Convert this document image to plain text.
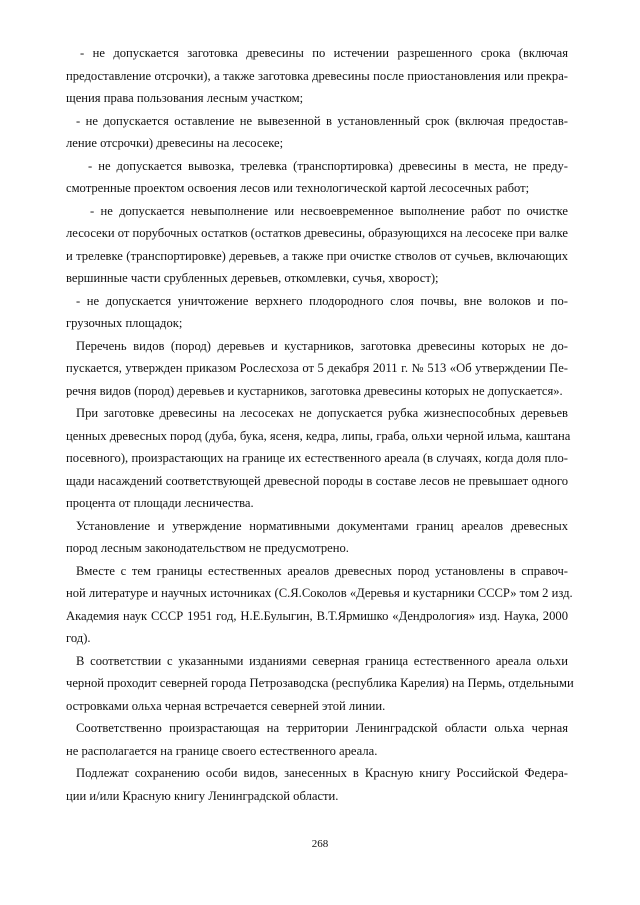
- не допускается заготовка древесины по истечении разрешенного срока (включая
предоставление отсрочки), а также заготовка древесины после приостановления или прекра-
щения права пользования лесным участком;
- не допускается оставление не вывезенной в установленный срок (включая предостав-
ление отсрочки) древесины на лесосеке;
- не допускается вывозка, трелевка (транспортировка) древесины в места, не преду-
смотренные проектом освоения лесов или технологической картой лесосечных работ;
- не допускается невыполнение или несвоевременное выполнение работ по очистке
лесосеки от порубочных остатков (остатков древесины, образующихся на лесосеке при валке
и трелевке (транспортировке) деревьев, а также при очистке стволов от сучьев, включающих
вершинные части срубленных деревьев, откомлевки, сучья, хворост);
- не допускается уничтожение верхнего плодородного слоя почвы, вне волоков и по-
грузочных площадок;
Перечень видов (пород) деревьев и кустарников, заготовка древесины которых не до-
пускается, утвержден приказом Рослесхоза от 5 декабря 2011 г. № 513 «Об утверждении Пе-
речня видов (пород) деревьев и кустарников, заготовка древесины которых не допускается».
При заготовке древесины на лесосеках не допускается рубка жизнеспособных деревьев
ценных древесных пород (дуба, бука, ясеня, кедра, липы, граба, ольхи черной ильма, каштана
посевного), произрастающих на границе их естественного ареала (в случаях, когда доля пло-
щади насаждений соответствующей древесной породы в составе лесов не превышает одного
процента от площади лесничества.
Установление и утверждение нормативными документами границ ареалов древесных
пород лесным законодательством не предусмотрено.
Вместе с тем границы естественных ареалов древесных пород установлены в справоч-
ной литературе и научных источниках (С.Я.Соколов «Деревья и кустарники СССР» том 2 изд.
Академия наук СССР 1951 год, Н.Е.Булыгин, В.Т.Ярмишко «Дендрология» изд. Наука, 2000
год).
В соответствии с указанными изданиями северная граница естественного ареала ольхи
черной проходит северней города Петрозаводска (республика Карелия) на Пермь, отдельными
островками ольха черная встречается северней этой линии.
Соответственно произрастающая на территории Ленинградской области ольха черная
не располагается на границе своего естественного ареала.
Подлежат сохранению особи видов, занесенных в Красную книгу Российской Федера-
ции и/или Красную книгу Ленинградской области.
268
